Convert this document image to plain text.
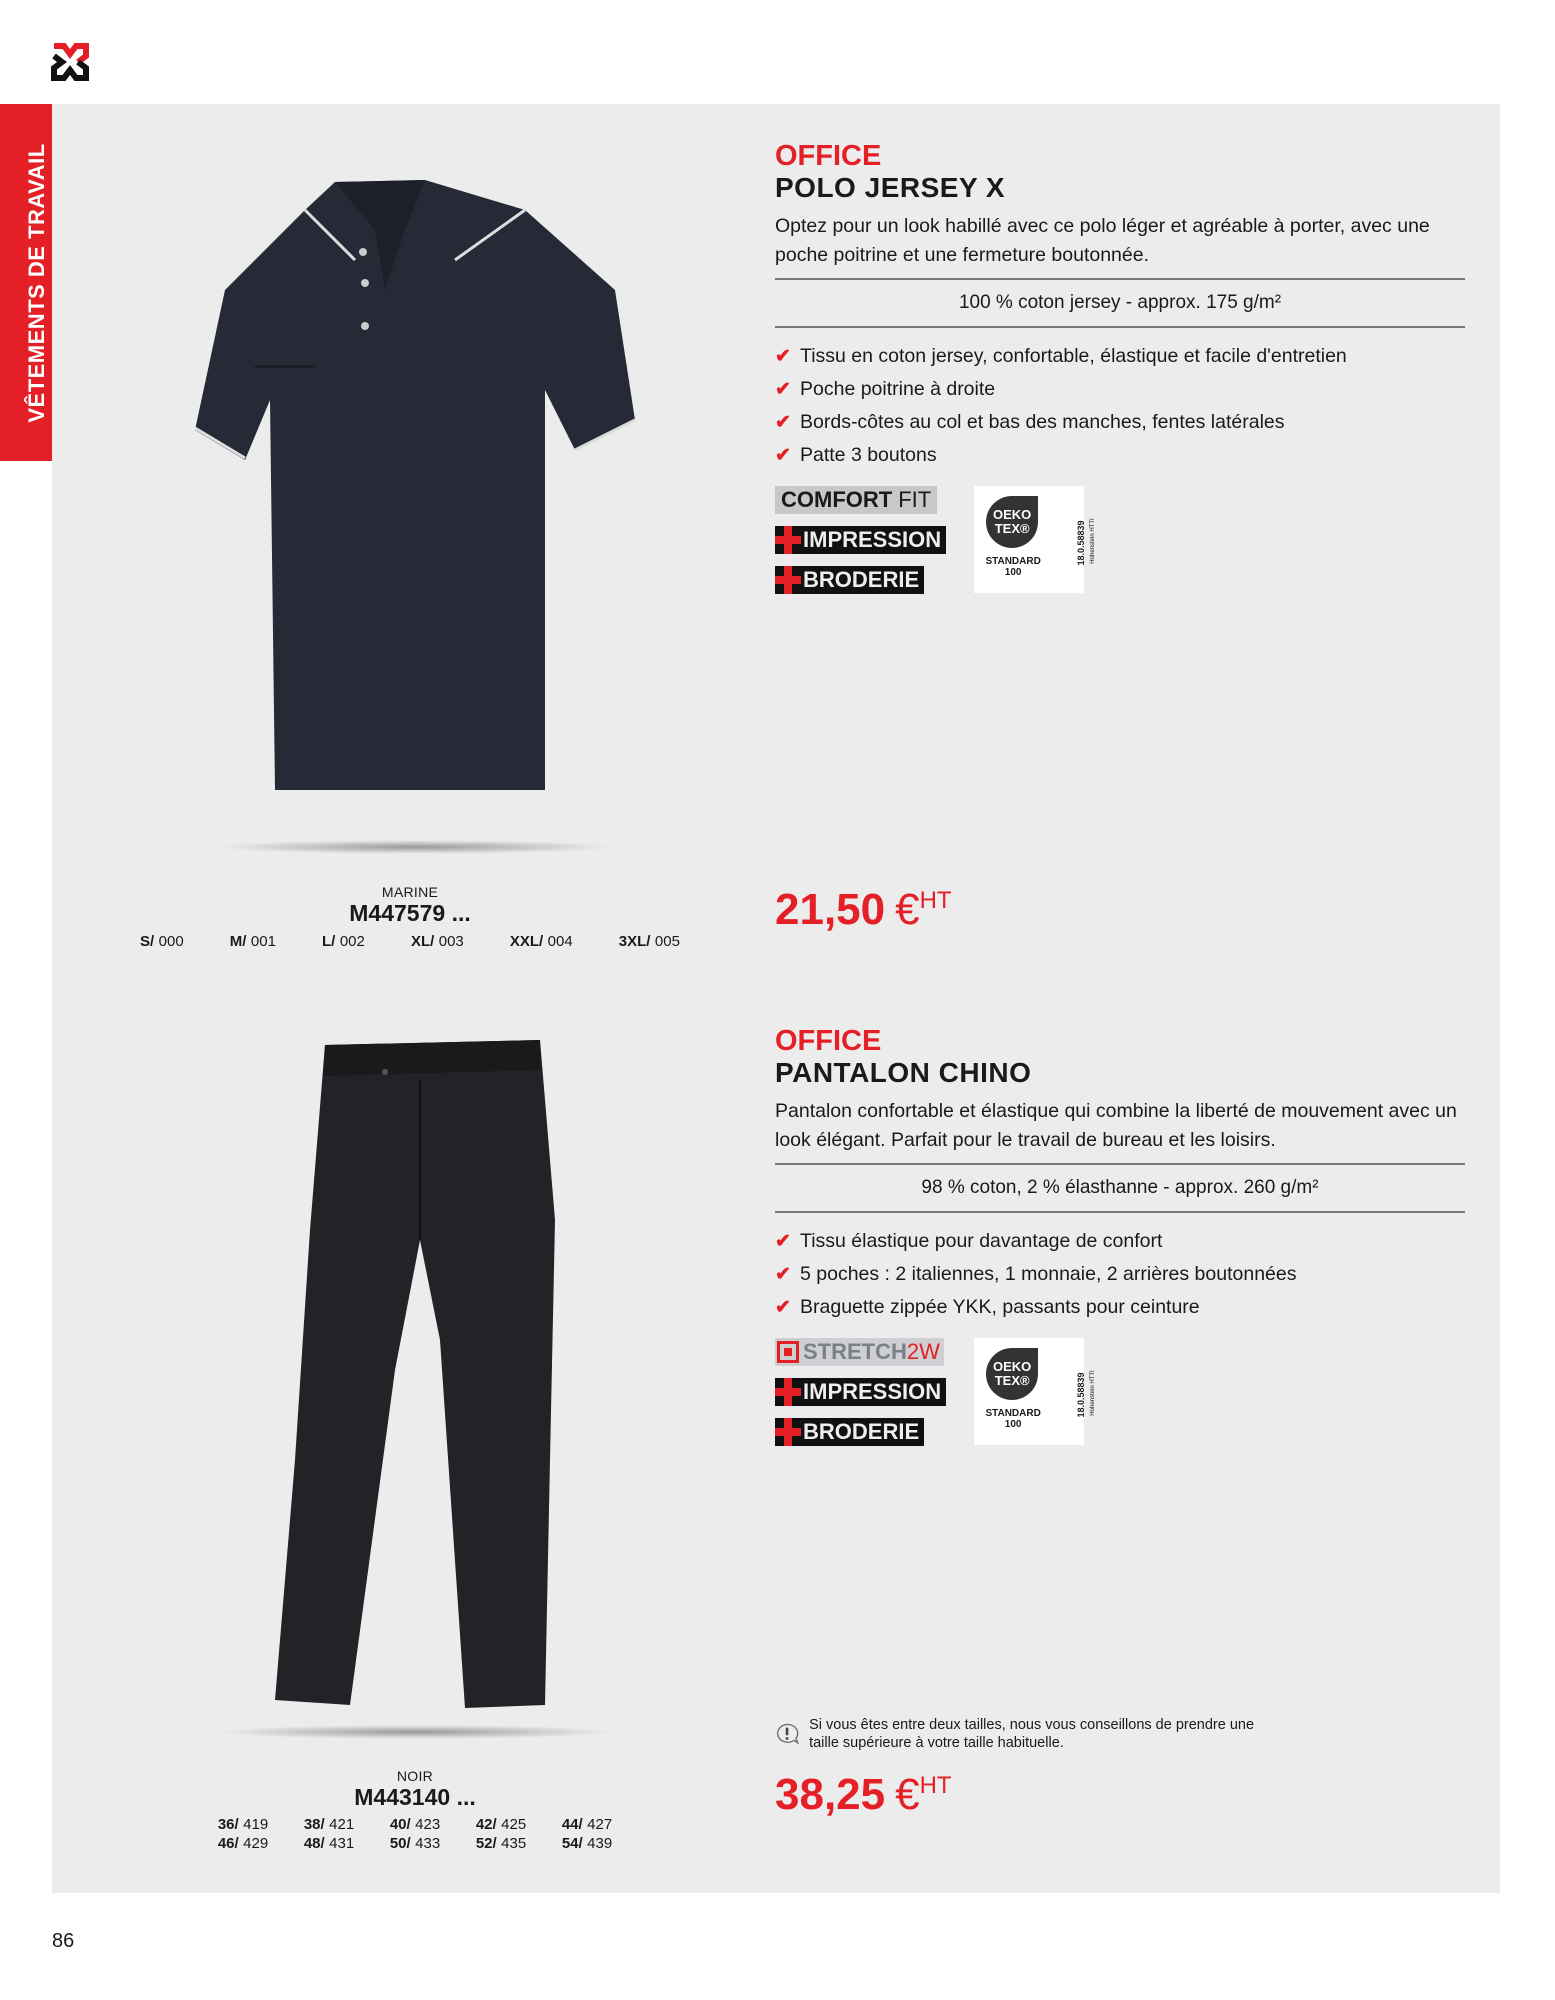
VÊTEMENTS DE TRAVAIL	OFFICE
POLO JERSEY X
Optez pour un look habillé avec ce polo léger et agréable à porter, avec une poche poitrine et une fermeture boutonnée.
100 % coton jersey - approx. 175 g/m²
✔ Tissu en coton jersey, confortable, élastique et facile d'entretien
✔ Poche poitrine à droite
✔ Bords-côtes au col et bas des manches, fentes latérales
✔ Patte 3 boutons
COMFORT FIT
IMPRESSION
BRODERIE
OEKO
TEX®
STANDARD
100
18.0.58839 Hohenstein HTTI
21,50 € HT
MARINE
M447579 ...
S/ 000	M/ 001	L/ 002	XL/ 003	XXL/ 004	3XL/ 005
OFFICE
PANTALON CHINO
Pantalon confortable et élastique qui combine la liberté de mouvement avec un look élégant. Parfait pour le travail de bureau et les loisirs.
98 % coton, 2 % élasthanne - approx. 260 g/m²
✔ Tissu élastique pour davantage de confort
✔ 5 poches : 2 italiennes, 1 monnaie, 2 arrières boutonnées
✔ Braguette zippée YKK, passants pour ceinture
STRETCH 2W
IMPRESSION
BRODERIE
OEKO
TEX®
STANDARD
100
18.0.58839 Hohenstein HTTI
Si vous êtes entre deux tailles, nous vous conseillons de prendre une taille supérieure à votre taille habituelle.
38,25 € HT
NOIR
M443140 ...
36/ 419	38/ 421	40/ 423	42/ 425	44/ 427
46/ 429	48/ 431	50/ 433	52/ 435	54/ 439
86
